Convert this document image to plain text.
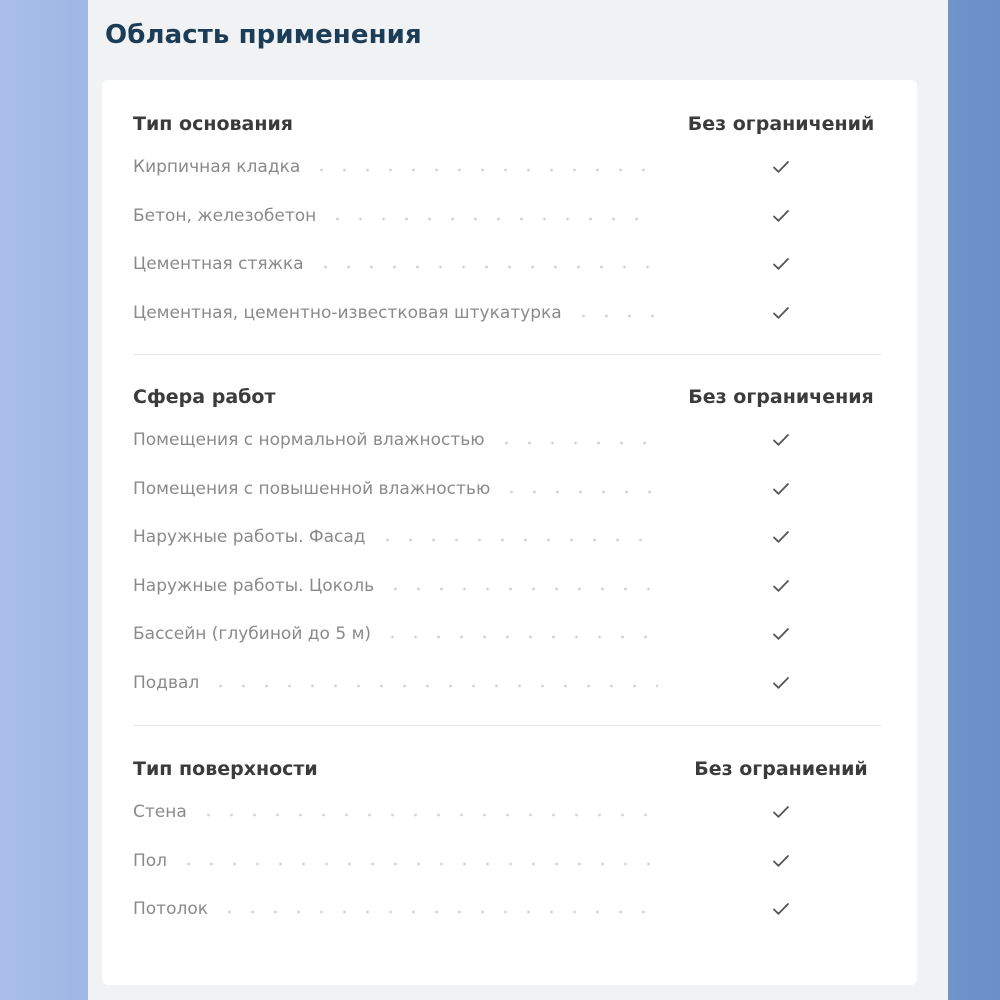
Область применения
Тип основания	Без ограничений
Кирпичная кладка
Бетон, железобетон
Цементная стяжка
Цементная, цементно-известковая штукатурка
Сфера работ	Без ограничения
Помещения с нормальной влажностью
Помещения с повышенной влажностью
Наружные работы. Фасад
Наружные работы. Цоколь
Бассейн (глубиной до 5 м)
Подвал
Тип поверхности	Без ограниений
Стена
Пол
Потолок
